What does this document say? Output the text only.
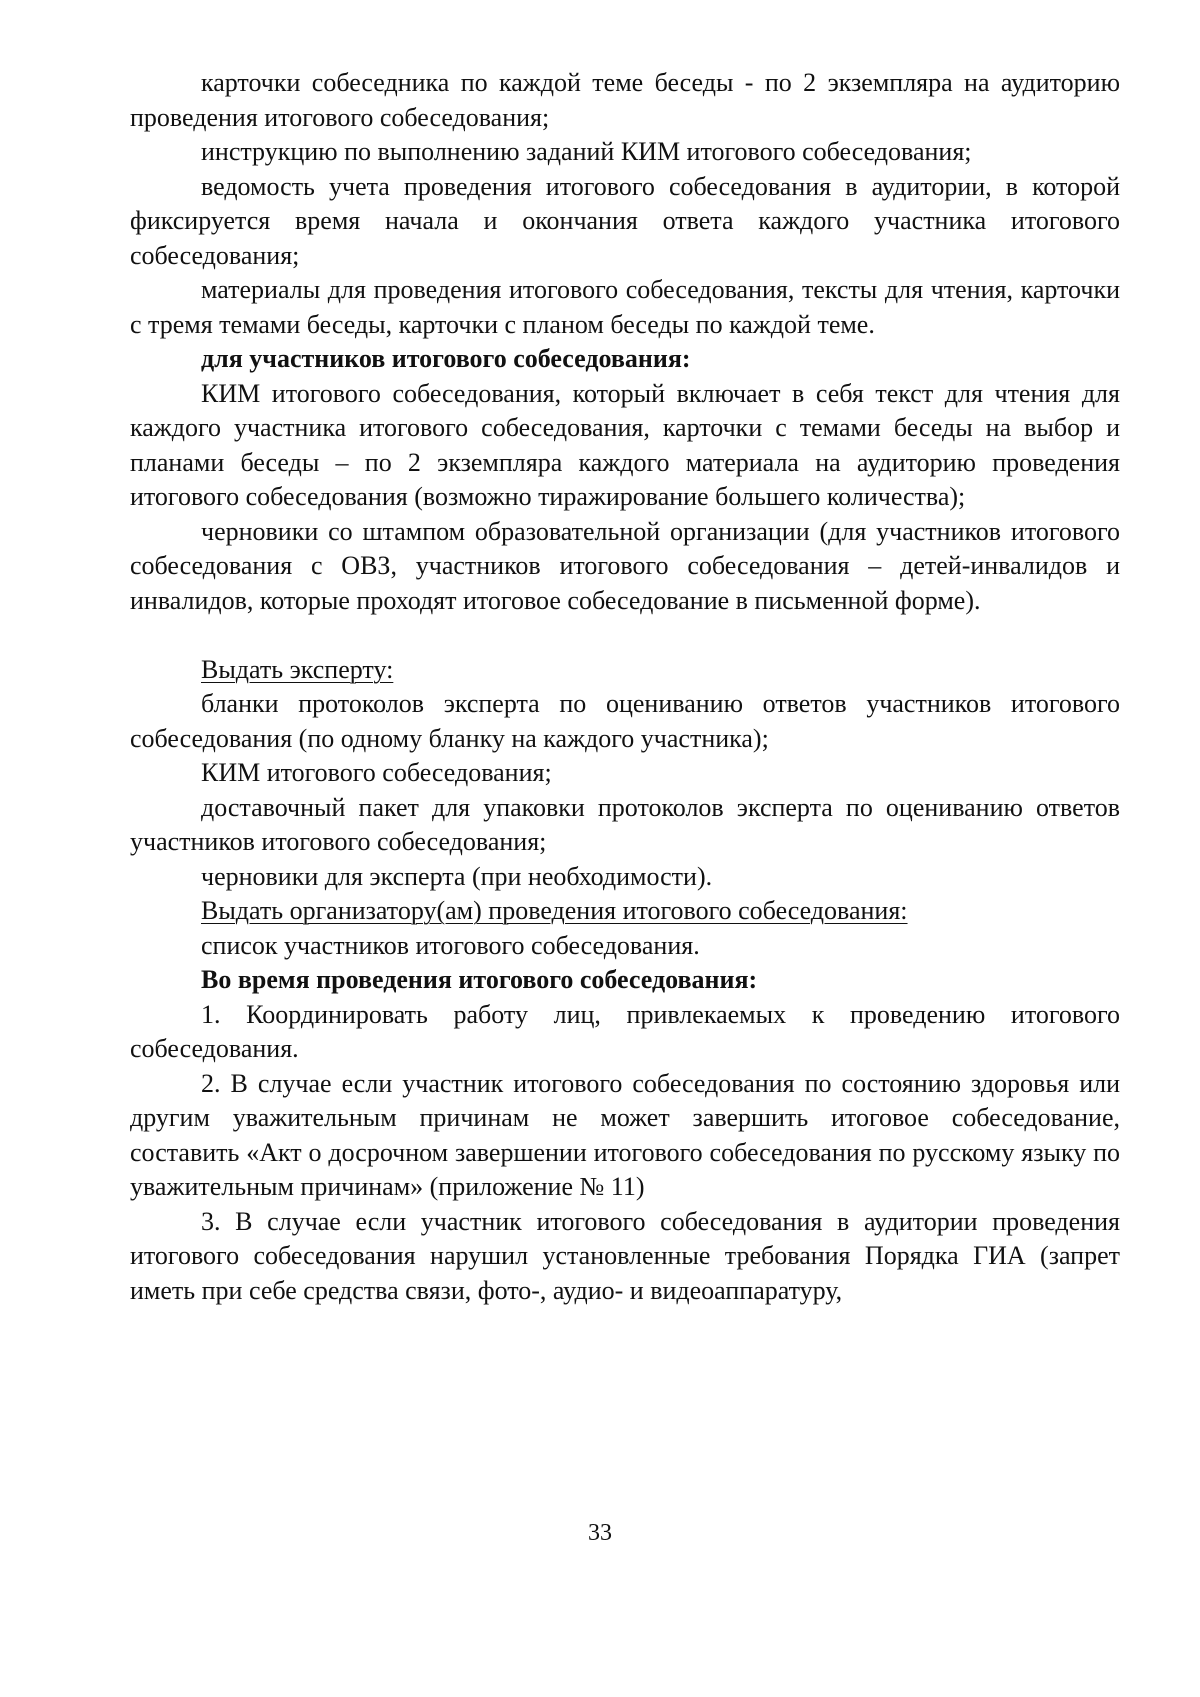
карточки собеседника по каждой теме беседы - по 2 экземпляра на аудиторию проведения итогового собеседования;

инструкцию по выполнению заданий КИМ итогового собеседования;

ведомость учета проведения итогового собеседования в аудитории, в которой фиксируется время начала и окончания ответа каждого участника итогового собеседования;

материалы для проведения итогового собеседования, тексты для чтения, карточки с тремя темами беседы, карточки с планом беседы по каждой теме.

для участников итогового собеседования:

КИМ итогового собеседования, который включает в себя текст для чтения для каждого участника итогового собеседования, карточки с темами беседы на выбор и планами беседы – по 2 экземпляра каждого материала на аудиторию проведения итогового собеседования (возможно тиражирование большего количества);

черновики со штампом образовательной организации (для участников итогового собеседования с ОВЗ, участников итогового собеседования – детей-инвалидов и инвалидов, которые проходят итоговое собеседование в письменной форме).

Выдать эксперту:

бланки протоколов эксперта по оцениванию ответов участников итогового собеседования (по одному бланку на каждого участника);

КИМ итогового собеседования;

доставочный пакет для упаковки протоколов эксперта по оцениванию ответов участников итогового собеседования;

черновики для эксперта (при необходимости).

Выдать организатору(ам) проведения итогового собеседования:

список участников итогового собеседования.

Во время проведения итогового собеседования:

1. Координировать работу лиц, привлекаемых к проведению итогового собеседования.

2. В случае если участник итогового собеседования по состоянию здоровья или другим уважительным причинам не может завершить итоговое собеседование, составить «Акт о досрочном завершении итогового собеседования по русскому языку по уважительным причинам» (приложение № 11)

3. В случае если участник итогового собеседования в аудитории проведения итогового собеседования нарушил установленные требования Порядка ГИА (запрет иметь при себе средства связи, фото-, аудио- и видеоаппаратуру,

33
